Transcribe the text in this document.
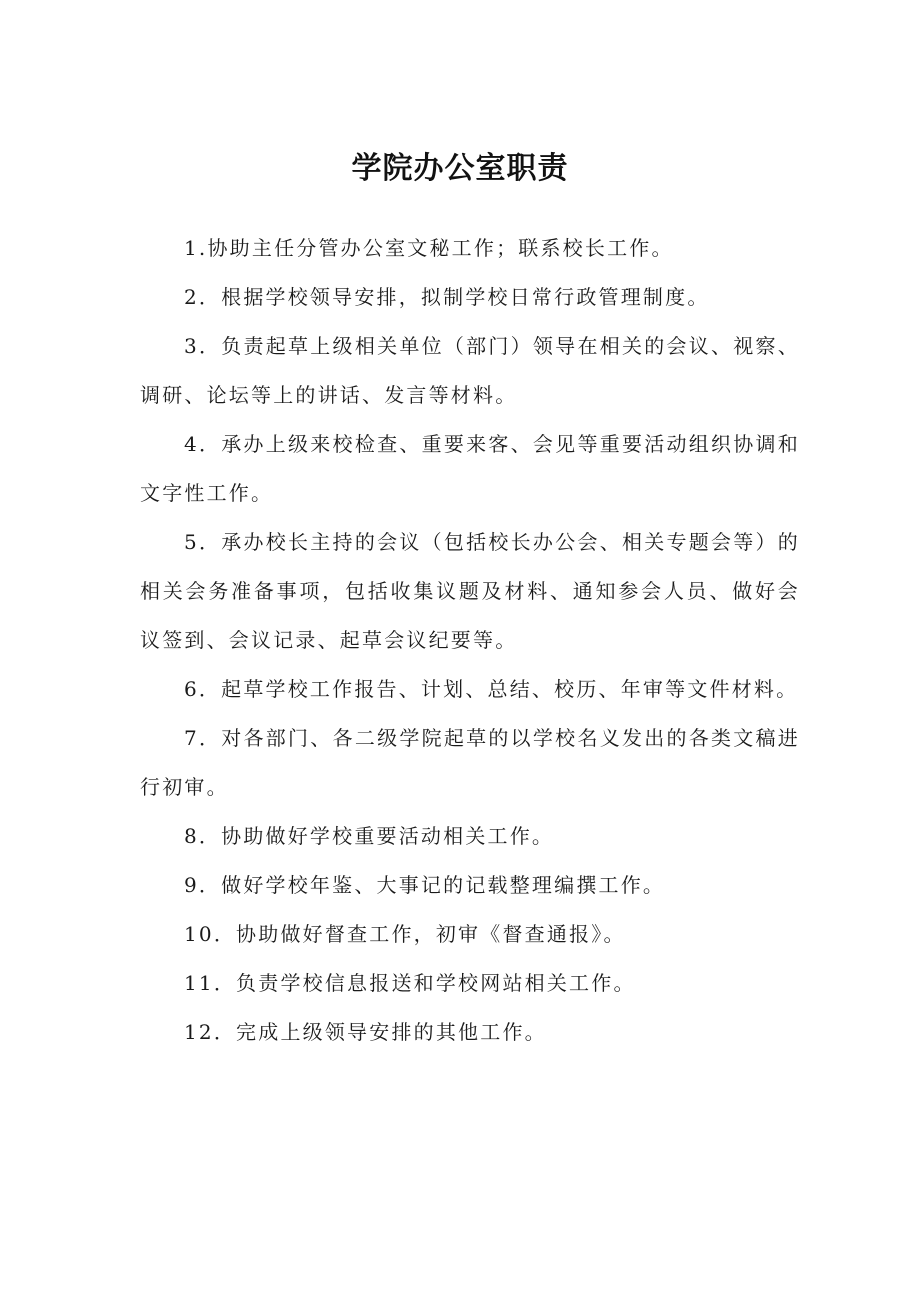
学院办公室职责

1.协助主任分管办公室文秘工作；联系校长工作。

2．根据学校领导安排，拟制学校日常行政管理制度。

3．负责起草上级相关单位（部门）领导在相关的会议、视察、调研、论坛等上的讲话、发言等材料。

4．承办上级来校检查、重要来客、会见等重要活动组织协调和文字性工作。

5．承办校长主持的会议（包括校长办公会、相关专题会等）的相关会务准备事项，包括收集议题及材料、通知参会人员、做好会议签到、会议记录、起草会议纪要等。

6．起草学校工作报告、计划、总结、校历、年审等文件材料。

7．对各部门、各二级学院起草的以学校名义发出的各类文稿进行初审。

8．协助做好学校重要活动相关工作。

9．做好学校年鉴、大事记的记载整理编撰工作。

10．协助做好督查工作，初审《督查通报》。

11．负责学校信息报送和学校网站相关工作。

12．完成上级领导安排的其他工作。
